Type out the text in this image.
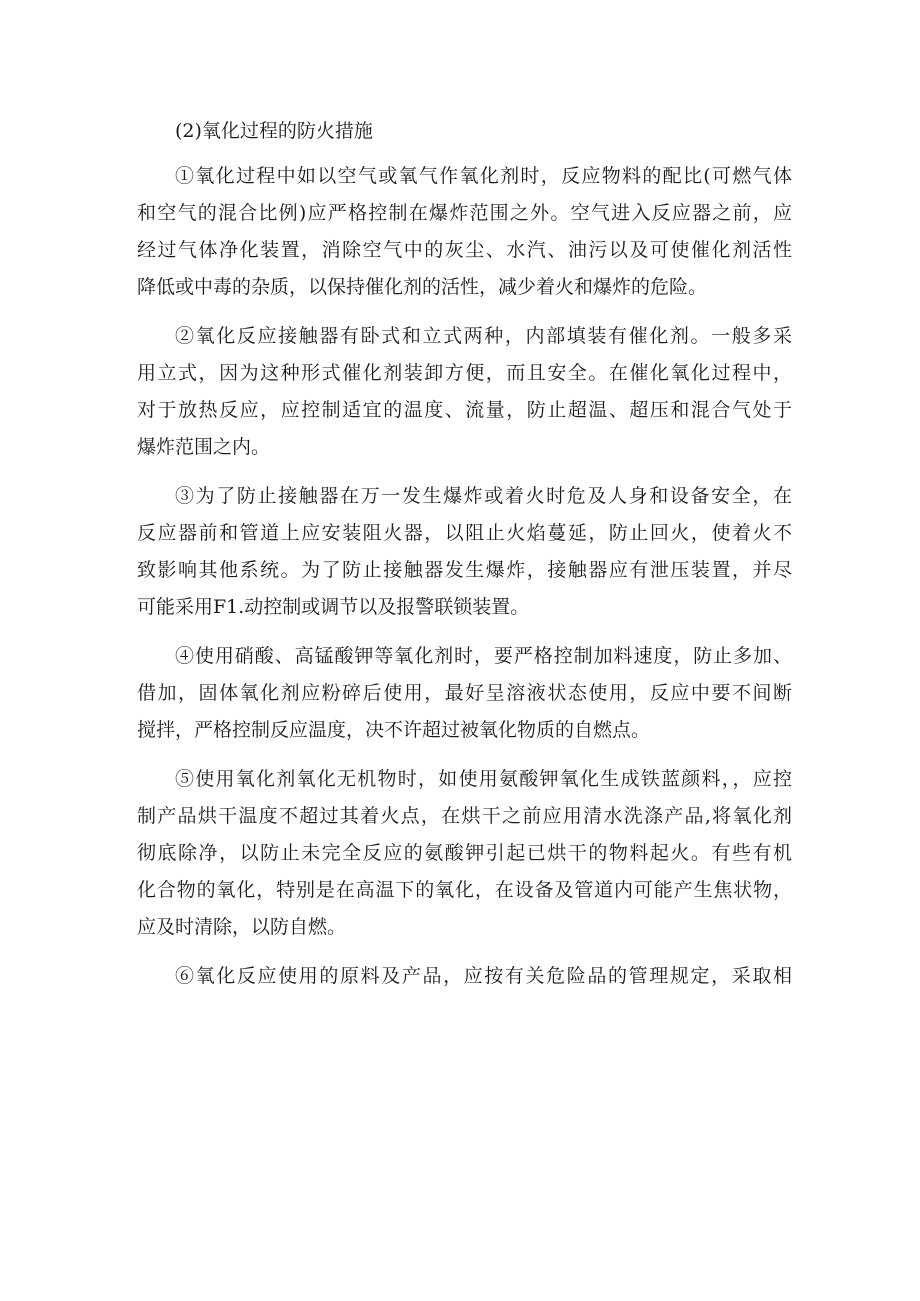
(2)氧化过程的防火措施
①氧化过程中如以空气或氧气作氧化剂时，反应物料的配比(可燃气体
和空气的混合比例)应严格控制在爆炸范围之外。空气进入反应器之前，应
经过气体净化装置，消除空气中的灰尘、水汽、油污以及可使催化剂活性
降低或中毒的杂质，以保持催化剂的活性，减少着火和爆炸的危险。
②氧化反应接触器有卧式和立式两种，内部填装有催化剂。一般多采
用立式，因为这种形式催化剂装卸方便，而且安全。在催化氧化过程中，
对于放热反应，应控制适宜的温度、流量，防止超温、超压和混合气处于
爆炸范围之内。
③为了防止接触器在万一发生爆炸或着火时危及人身和设备安全，在
反应器前和管道上应安装阻火器，以阻止火焰蔓延，防止回火，使着火不
致影响其他系统。为了防止接触器发生爆炸，接触器应有泄压装置，并尽
可能采用F1.动控制或调节以及报警联锁装置。
④使用硝酸、高锰酸钾等氧化剂时，要严格控制加料速度，防止多加、
借加，固体氧化剂应粉碎后使用，最好呈溶液状态使用，反应中要不间断
搅拌，严格控制反应温度，决不许超过被氧化物质的自燃点。
⑤使用氧化剂氧化无机物时，如使用氨酸钾氧化生成铁蓝颜料，，应控
制产品烘干温度不超过其着火点，在烘干之前应用清水洗涤产品,将氧化剂
彻底除净，以防止未完全反应的氨酸钾引起已烘干的物料起火。有些有机
化合物的氧化，特别是在高温下的氧化，在设备及管道内可能产生焦状物，
应及时清除，以防自燃。
⑥氧化反应使用的原料及产品，应按有关危险品的管理规定，采取相
